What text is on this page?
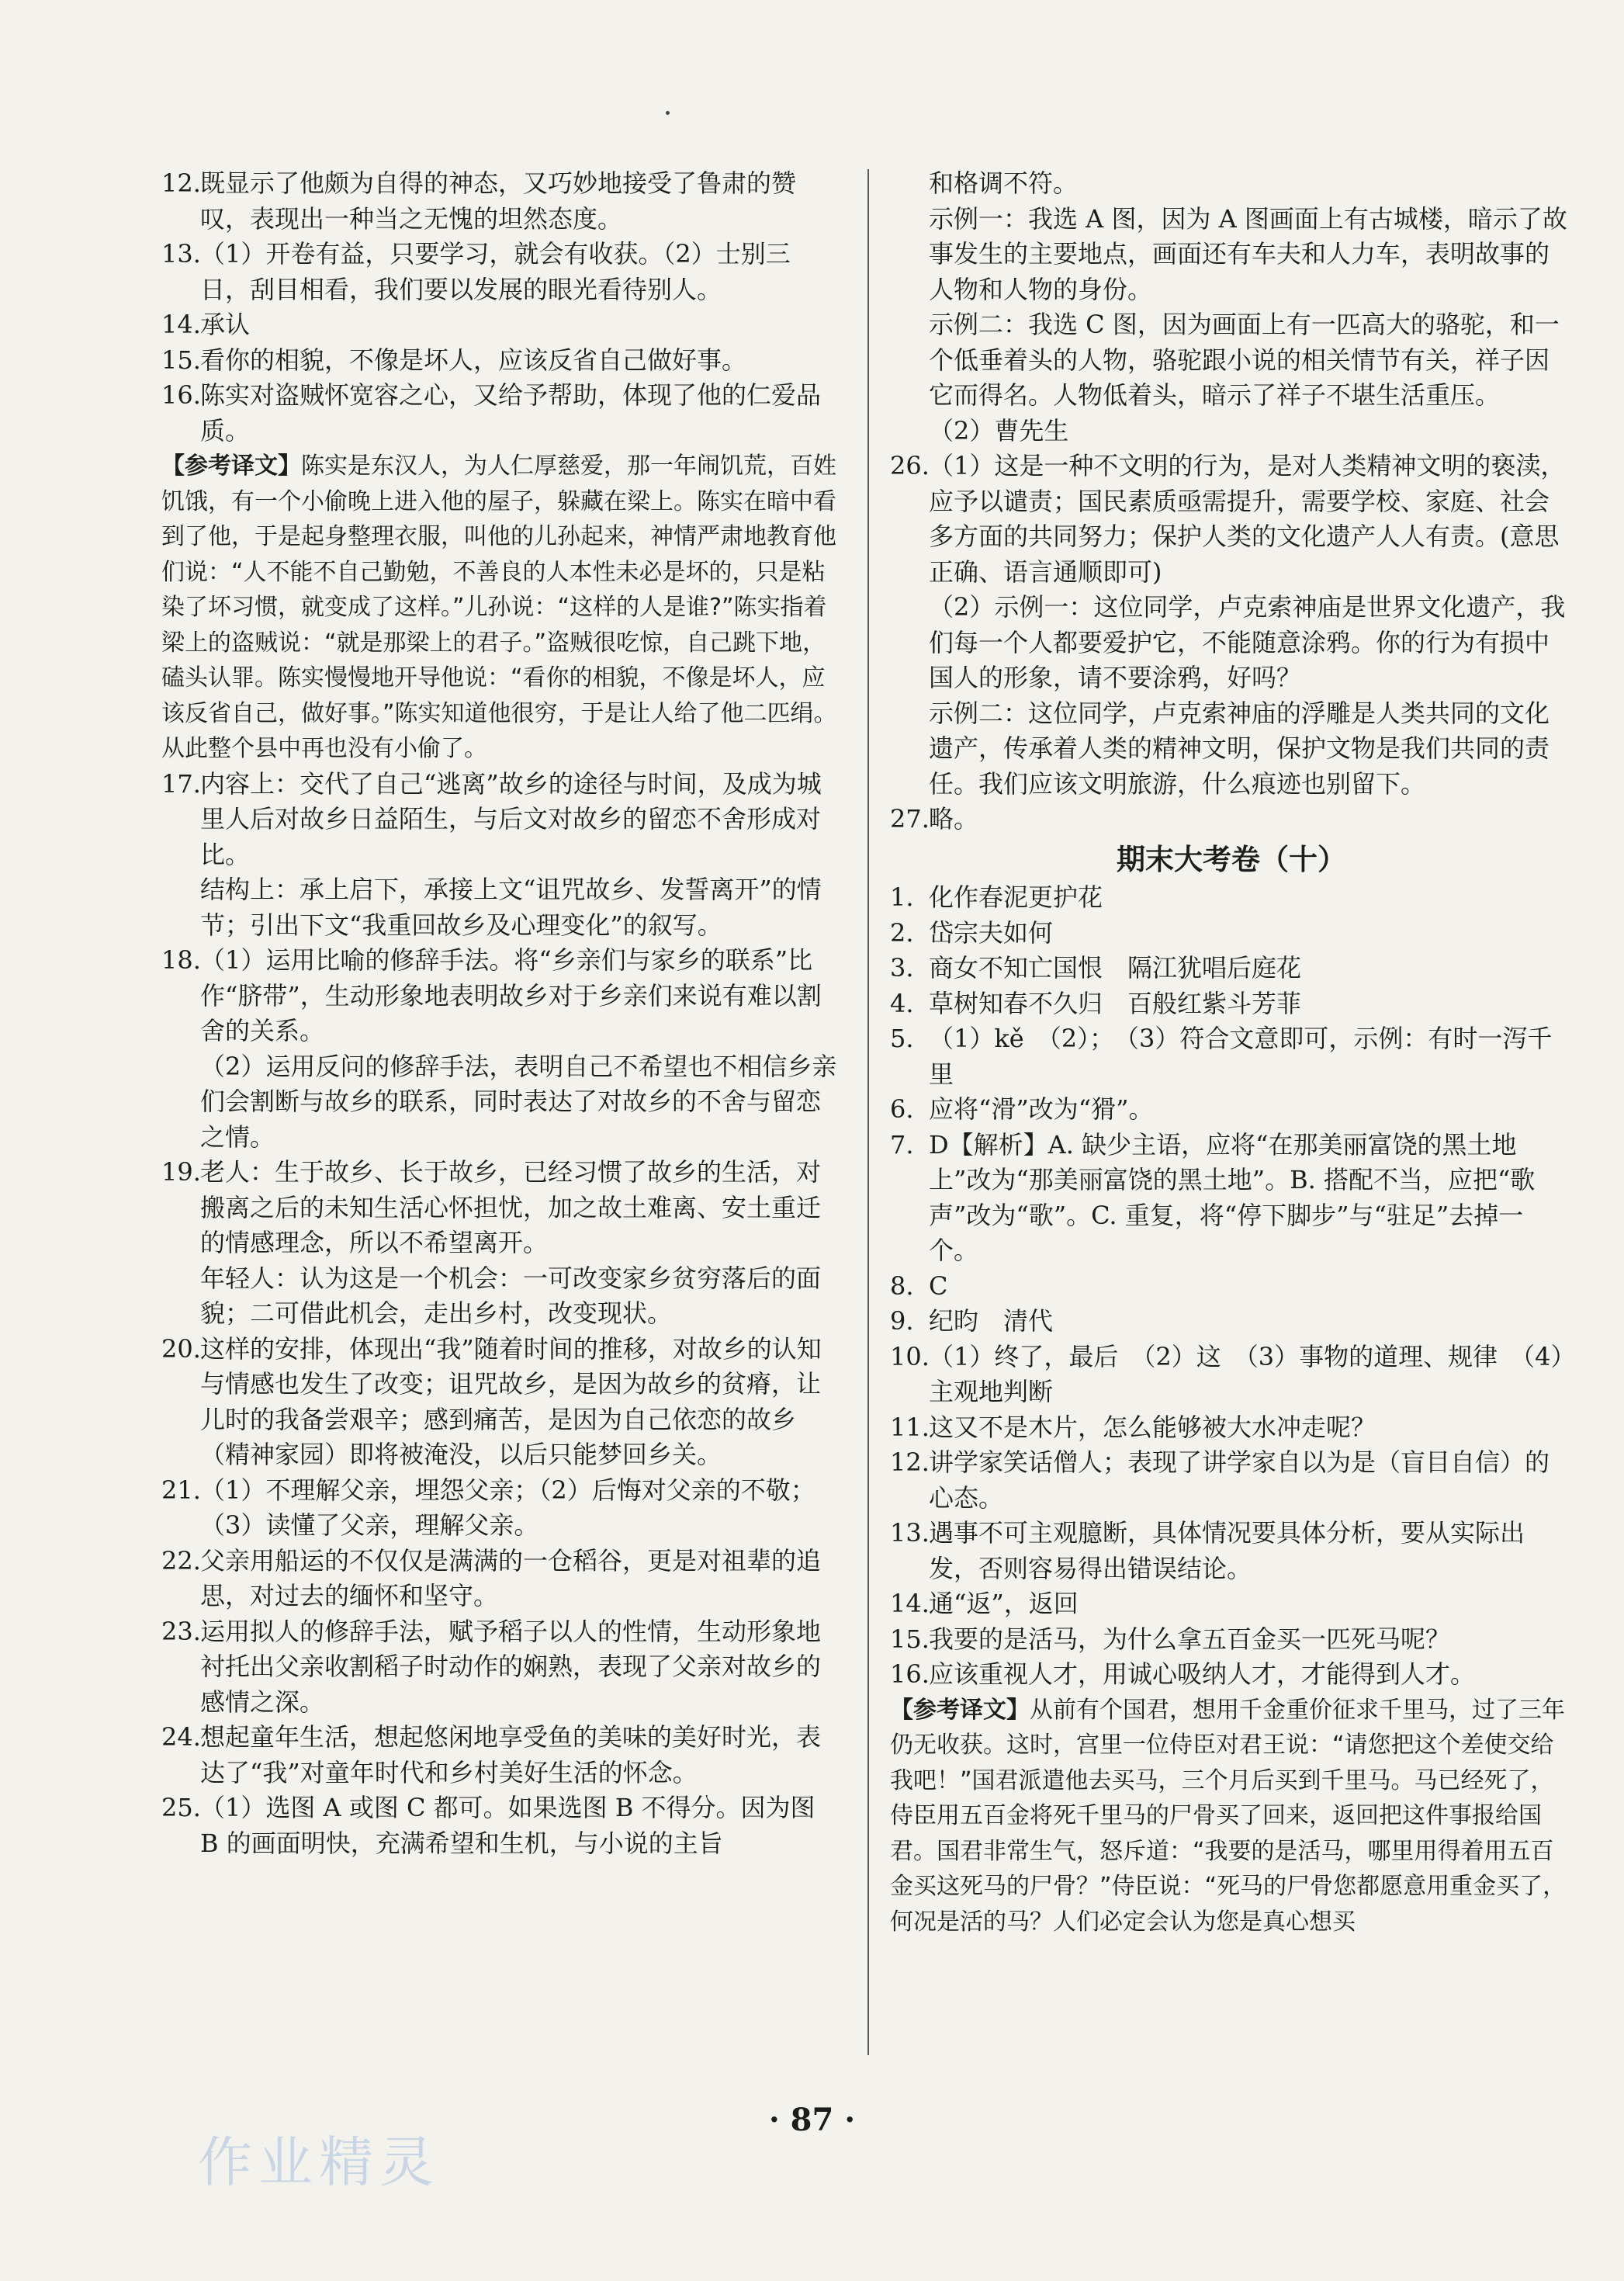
12. 既显示了他颇为自得的神态，又巧妙地接受了鲁肃的赞叹，表现出一种当之无愧的坦然态度。

13. （1）开卷有益，只要学习，就会有收获。（2）士别三日，刮目相看，我们要以发展的眼光看待别人。

14. 承认

15. 看你的相貌，不像是坏人，应该反省自己做好事。

16. 陈实对盗贼怀宽容之心，又给予帮助，体现了他的仁爱品质。

【参考译文】陈实是东汉人，为人仁厚慈爱，那一年闹饥荒，百姓饥饿，有一个小偷晚上进入他的屋子，躲藏在梁上。陈实在暗中看到了他，于是起身整理衣服，叫他的儿孙起来，神情严肃地教育他们说：“人不能不自己勤勉，不善良的人本性未必是坏的，只是粘染了坏习惯，就变成了这样。”儿孙说：“这样的人是谁?”陈实指着梁上的盗贼说：“就是那梁上的君子。”盗贼很吃惊，自己跳下地，磕头认罪。陈实慢慢地开导他说：“看你的相貌，不像是坏人，应该反省自己，做好事。”陈实知道他很穷，于是让人给了他二匹绢。从此整个县中再也没有小偷了。

17. 内容上：交代了自己“逃离”故乡的途径与时间，及成为城里人后对故乡日益陌生，与后文对故乡的留恋不舍形成对比。

结构上：承上启下，承接上文“诅咒故乡、发誓离开”的情节；引出下文“我重回故乡及心理变化”的叙写。

18. （1）运用比喻的修辞手法。将“乡亲们与家乡的联系”比作“脐带”，生动形象地表明故乡对于乡亲们来说有难以割舍的关系。

（2）运用反问的修辞手法，表明自己不希望也不相信乡亲们会割断与故乡的联系，同时表达了对故乡的不舍与留恋之情。

19. 老人：生于故乡、长于故乡，已经习惯了故乡的生活，对搬离之后的未知生活心怀担忧，加之故土难离、安土重迁的情感理念，所以不希望离开。

年轻人：认为这是一个机会：一可改变家乡贫穷落后的面貌；二可借此机会，走出乡村，改变现状。

20. 这样的安排，体现出“我”随着时间的推移，对故乡的认知与情感也发生了改变；诅咒故乡，是因为故乡的贫瘠，让儿时的我备尝艰辛；感到痛苦，是因为自己依恋的故乡（精神家园）即将被淹没，以后只能梦回乡关。

21. （1）不理解父亲，埋怨父亲；（2）后悔对父亲的不敬；（3）读懂了父亲，理解父亲。

22. 父亲用船运的不仅仅是满满的一仓稻谷，更是对祖辈的追思，对过去的缅怀和坚守。

23. 运用拟人的修辞手法，赋予稻子以人的性情，生动形象地衬托出父亲收割稻子时动作的娴熟，表现了父亲对故乡的感情之深。

24. 想起童年生活，想起悠闲地享受鱼的美味的美好时光，表达了“我”对童年时代和乡村美好生活的怀念。

25. （1）选图 A 或图 C 都可。如果选图 B 不得分。因为图 B 的画面明快，充满希望和生机，与小说的主旨

和格调不符。

示例一：我选 A 图，因为 A 图画面上有古城楼，暗示了故事发生的主要地点，画面还有车夫和人力车，表明故事的人物和人物的身份。

示例二：我选 C 图，因为画面上有一匹高大的骆驼，和一个低垂着头的人物，骆驼跟小说的相关情节有关，祥子因它而得名。人物低着头，暗示了祥子不堪生活重压。

（2）曹先生

26. （1）这是一种不文明的行为，是对人类精神文明的亵渎，应予以谴责；国民素质亟需提升，需要学校、家庭、社会多方面的共同努力；保护人类的文化遗产人人有责。(意思正确、语言通顺即可)

（2）示例一：这位同学，卢克索神庙是世界文化遗产，我们每一个人都要爱护它，不能随意涂鸦。你的行为有损中国人的形象，请不要涂鸦，好吗？

示例二：这位同学，卢克索神庙的浮雕是人类共同的文化遗产，传承着人类的精神文明，保护文物是我们共同的责任。我们应该文明旅游，什么痕迹也别留下。

27. 略。

期末大考卷（十）
1. 化作春泥更护花

2. 岱宗夫如何

3. 商女不知亡国恨　隔江犹唱后庭花

4. 草树知春不久归　百般红紫斗芳菲

5. （1）kě　（2）；　（3）符合文意即可，示例：有时一泻千里

6. 应将“滑”改为“猾”。

7. D【解析】A. 缺少主语，应将“在那美丽富饶的黑土地上”改为“那美丽富饶的黑土地”。B. 搭配不当，应把“歌声”改为“歌”。C. 重复，将“停下脚步”与“驻足”去掉一个。

8. C

9. 纪昀　清代

10. （1）终了，最后　（2）这　（3）事物的道理、规律　（4）主观地判断

11. 这又不是木片，怎么能够被大水冲走呢？

12. 讲学家笑话僧人；表现了讲学家自以为是（盲目自信）的心态。

13. 遇事不可主观臆断，具体情况要具体分析，要从实际出发，否则容易得出错误结论。

14. 通“返”，返回

15. 我要的是活马，为什么拿五百金买一匹死马呢？

16. 应该重视人才，用诚心吸纳人才，才能得到人才。

【参考译文】从前有个国君，想用千金重价征求千里马，过了三年仍无收获。这时，宫里一位侍臣对君王说：“请您把这个差使交给我吧！”国君派遣他去买马，三个月后买到千里马。马已经死了，侍臣用五百金将死千里马的尸骨买了回来，返回把这件事报给国君。国君非常生气，怒斥道：“我要的是活马，哪里用得着用五百金买这死马的尸骨？”侍臣说：“死马的尸骨您都愿意用重金买了，何况是活的马？人们必定会认为您是真心想买

· 87 ·
作业精灵
